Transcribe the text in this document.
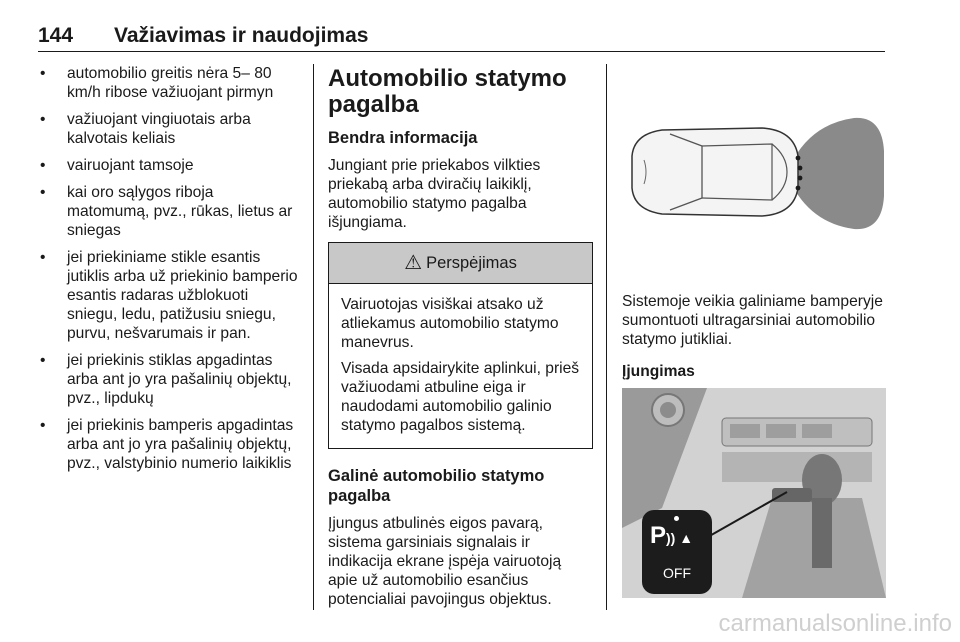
144 Važiavimas ir naudojimas
• automobilio greitis nėra 5– 80 km/h ribose važiuojant pirmyn
• važiuojant vingiuotais arba kalvotais keliais
• vairuojant tamsoje
• kai oro sąlygos riboja matomumą, pvz., rūkas, lietus ar sniegas
• jei priekiniame stikle esantis jutiklis arba už priekinio bamperio esantis radaras užblokuoti sniegu, ledu, patižusiu sniegu, purvu, nešvarumais ir pan.
• jei priekinis stiklas apgadintas arba ant jo yra pašalinių objektų, pvz., lipdukų
• jei priekinis bamperis apgadintas arba ant jo yra pašalinių objektų, pvz., valstybinio numerio laikiklis
Automobilio statymo pagalba
Bendra informacija

Jungiant prie priekabos vilkties priekabą arba dviračių laikiklį, automobilio statymo pagalba išjungiama.

⚠ Perspėjimas

Vairuotojas visiškai atsako už atliekamus automobilio statymo manevrus.

Visada apsidairykite aplinkui, prieš važiuodami atbuline eiga ir naudodami automobilio galinio statymo pagalbos sistemą.

Galinė automobilio statymo pagalba

Įjungus atbulinės eigos pavarą, sistema garsiniais signalais ir indikacija ekrane įspėja vairuotoją apie už automobilio esančius potencialiai pavojingus objektus.

Sistemoje veikia galiniame bamperyje sumontuoti ultragarsiniai automobilio statymo jutikliai.

Įjungimas
P)) ▲
OFF
carmanualsonline.info
